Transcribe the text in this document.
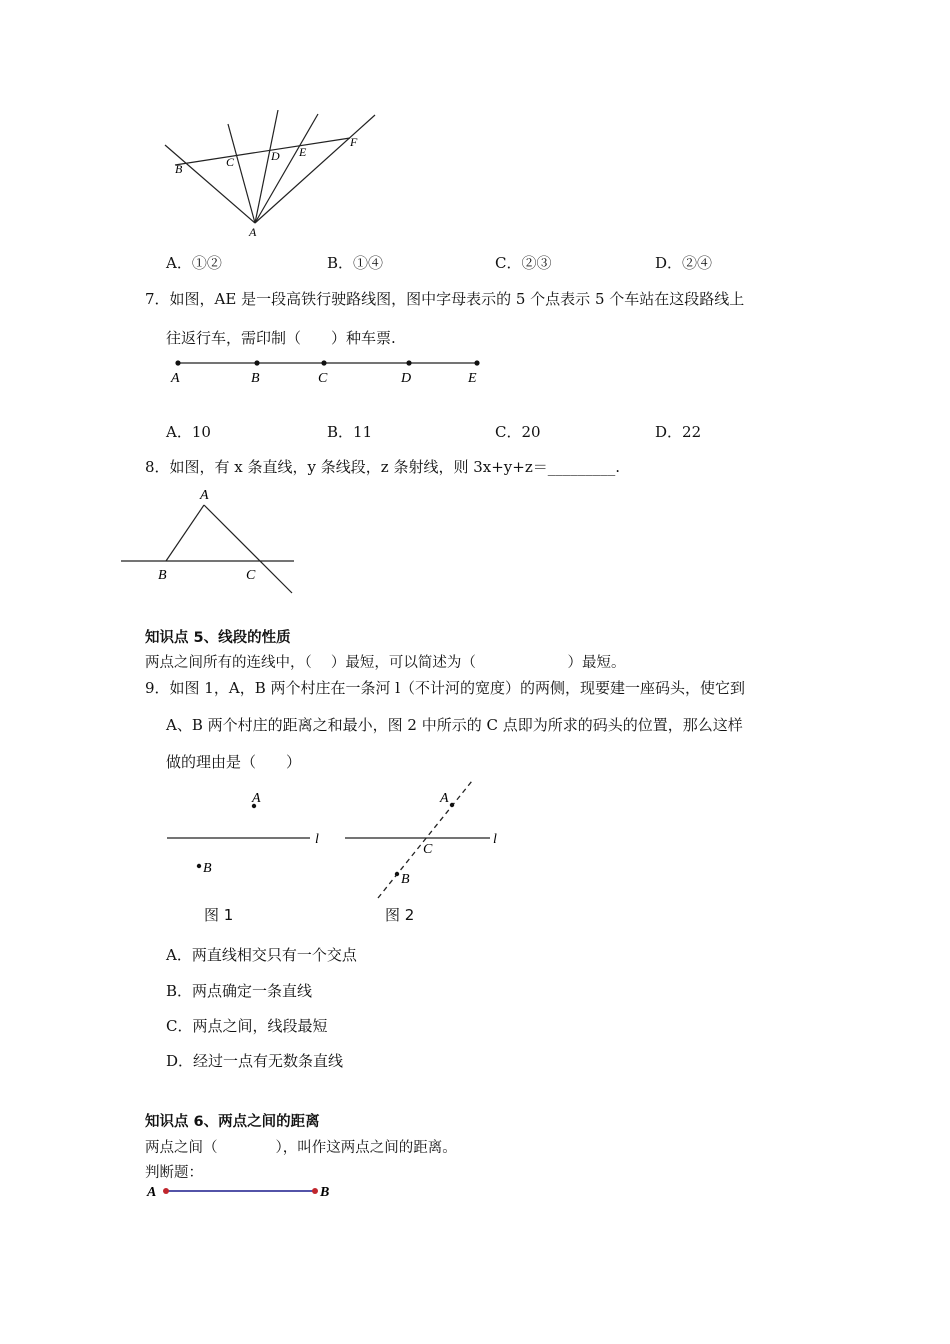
B	C	D E
F
A
A．①②	B．①④	C．②③	D．②④
7．如图，AE 是一段高铁行驶路线图，图中字母表示的 5 个点表示 5 个车站在这段路线上
往返行车，需印制（　　）种车票.
A	B	C	D	E
A．10	B．11	C．20	D．22
8．如图，有 x 条直线，y 条线段，z 条射线，则 3x+y+z＝_________.
A
B	C
知识点 5、线段的性质
两点之间所有的连线中，（　 ）最短，可以简述为（　　　　　　 ）最短。
9．如图 1，A，B 两个村庄在一条河 l（不计河的宽度）的两侧，现要建一座码头，使它到
A、B 两个村庄的距离之和最小，图 2 中所示的 C 点即为所求的码头的位置，那么这样
做的理由是（　　）
A
B
l
A
C
B
l
图 1	图 2
A．两直线相交只有一个交点
B．两点确定一条直线
C．两点之间，线段最短
D．经过一点有无数条直线
知识点 6、两点之间的距离
两点之间（　　　　），叫作这两点之间的距离。
判断题：
A	B
